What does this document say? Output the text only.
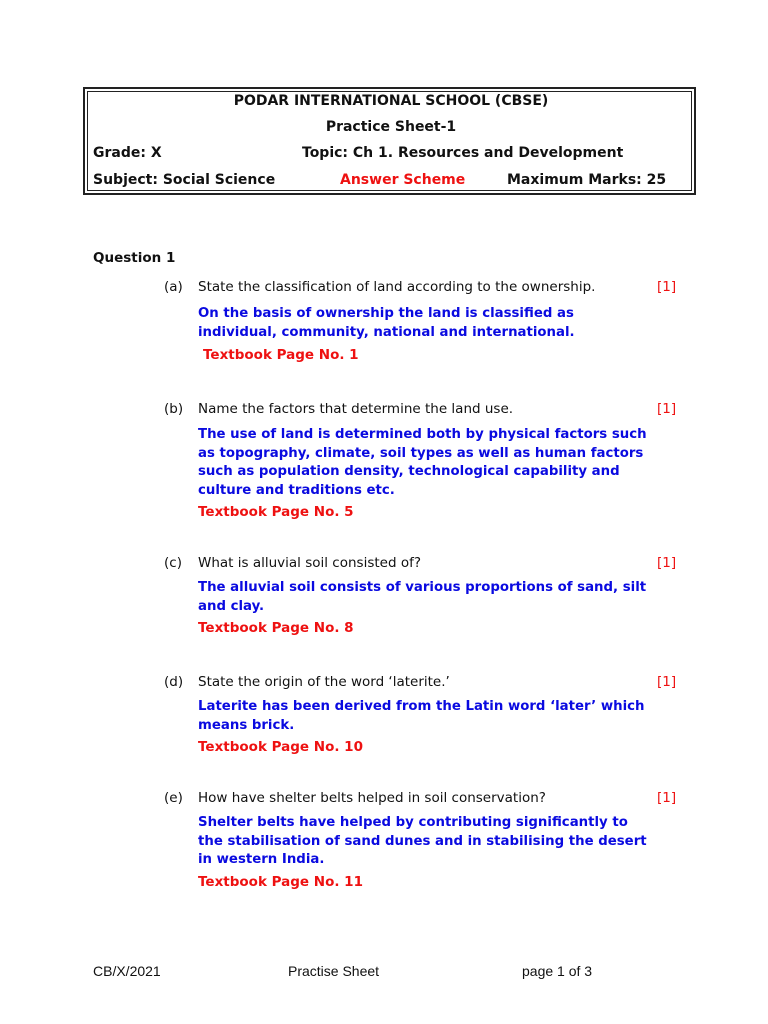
PODAR INTERNATIONAL SCHOOL (CBSE)
Practice Sheet-1
Grade: X	Topic: Ch 1. Resources and Development
Subject: Social Science	Answer Scheme	Maximum Marks: 25
Question 1
(a) State the classification of land according to the ownership.	[1]
On the basis of ownership the land is classified as individual, community, national and international.
Textbook Page No. 1
(b) Name the factors that determine the land use.	[1]
The use of land is determined both by physical factors such as topography, climate, soil types as well as human factors such as population density, technological capability and culture and traditions etc.
Textbook Page No. 5
(c) What is alluvial soil consisted of?	[1]
The alluvial soil consists of various proportions of sand, silt and clay.
Textbook Page No. 8
(d) State the origin of the word ‘laterite.’	[1]
Laterite has been derived from the Latin word ‘later’ which means brick.
Textbook Page No. 10
(e) How have shelter belts helped in soil conservation?	[1]
Shelter belts have helped by contributing significantly to the stabilisation of sand dunes and in stabilising the desert in western India.
Textbook Page No. 11
CB/X/2021	Practise Sheet	page 1 of 3
